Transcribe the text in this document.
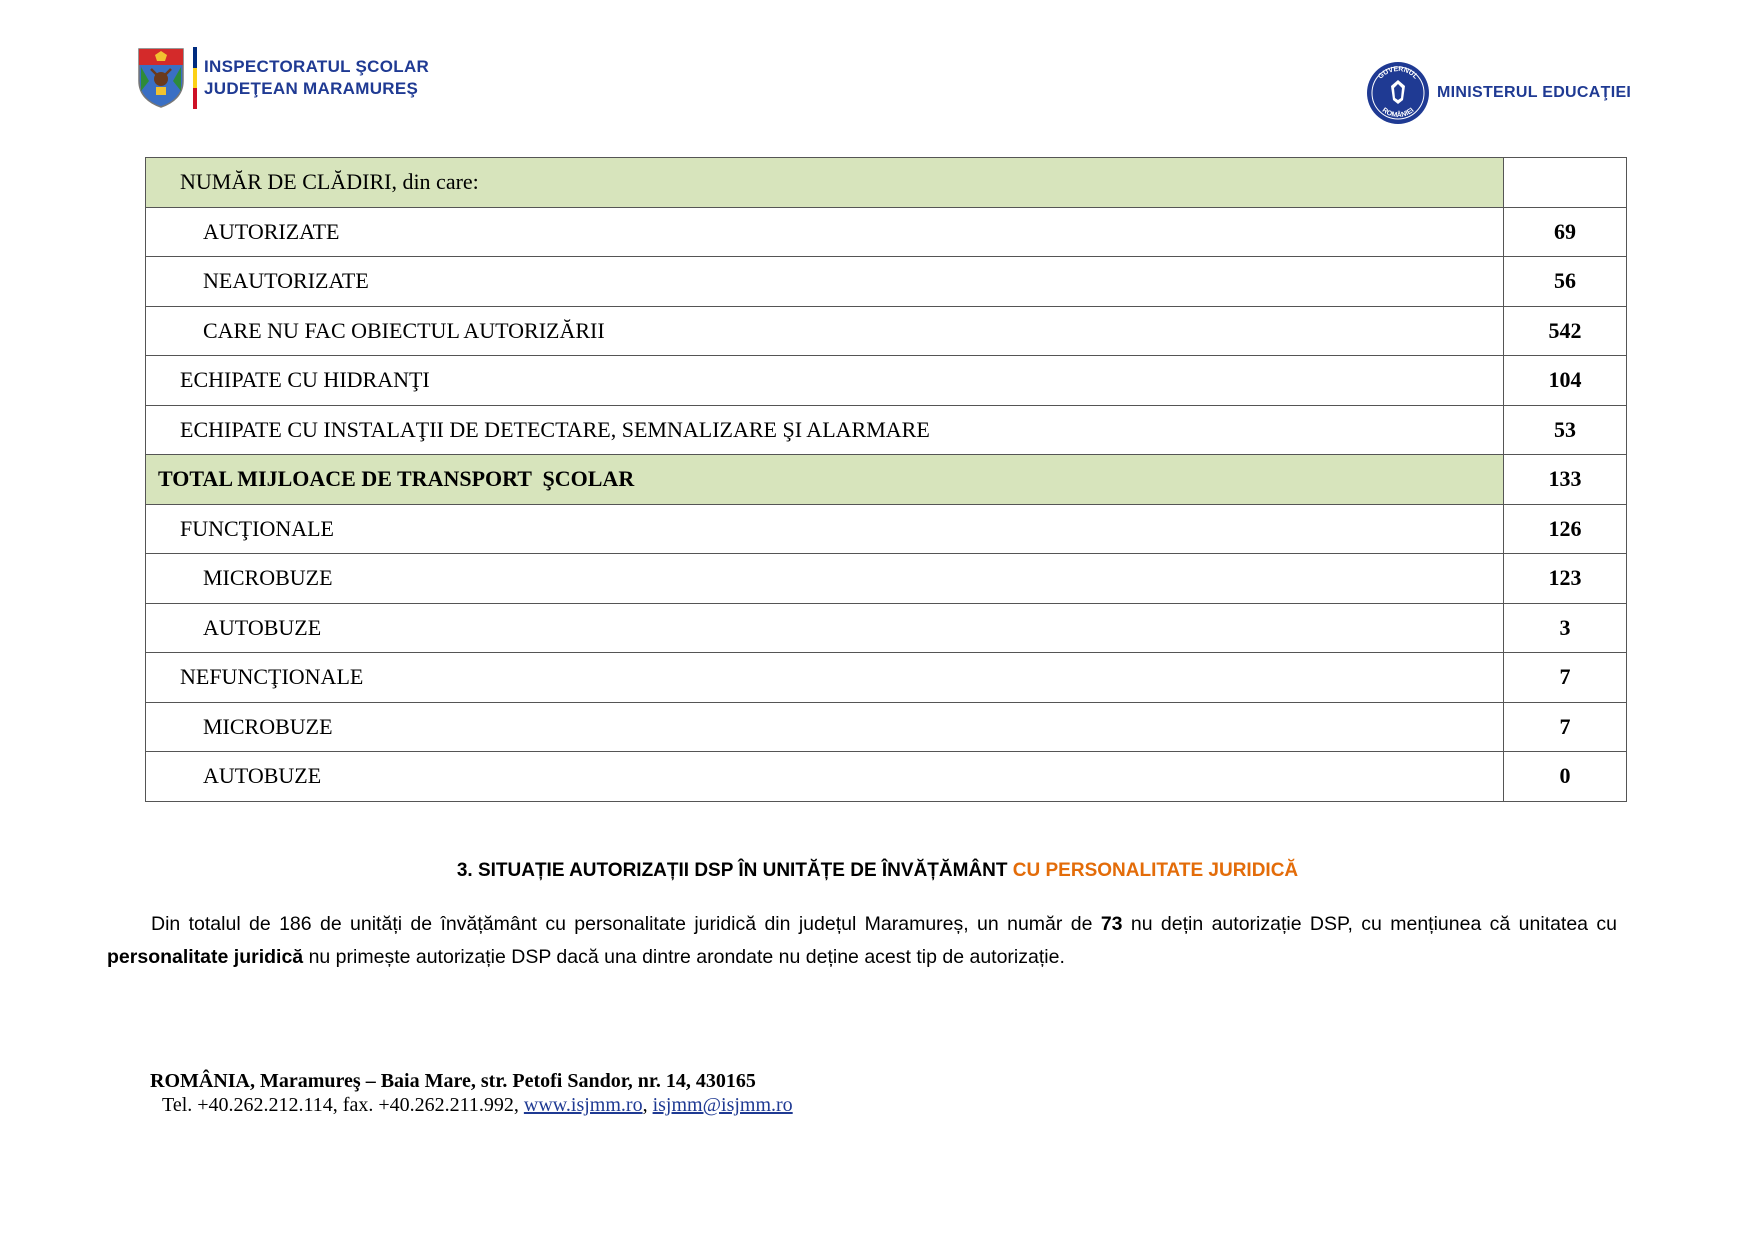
INSPECTORATUL ŞCOLAR
JUDEŢEAN MARAMUREŞ
GUVERNUL
ROMÂNIEI
MINISTERUL EDUCAŢIEI
NUMĂR DE CLĂDIRI, din care:	
AUTORIZATE	69
NEAUTORIZATE	56
CARE NU FAC OBIECTUL AUTORIZĂRII	542
ECHIPATE CU HIDRANŢI	104
ECHIPATE CU INSTALAŢII DE DETECTARE, SEMNALIZARE ŞI ALARMARE	53
TOTAL MIJLOACE DE TRANSPORT  ŞCOLAR	133
FUNCŢIONALE	126
MICROBUZE	123
AUTOBUZE	3
NEFUNCŢIONALE	7
MICROBUZE	7
AUTOBUZE	0
3. SITUAȚIE AUTORIZAȚII DSP ÎN UNITĂȚE DE ÎNVĂȚĂMÂNT CU PERSONALITATE JURIDICĂ
Din totalul de 186 de unități de învățământ cu personalitate juridică din județul Maramureș, un număr de 73 nu dețin autorizație DSP, cu mențiunea că unitatea cu personalitate juridică nu primește autorizație DSP dacă una dintre arondate nu deține acest tip de autorizație.
ROMÂNIA, Maramureş – Baia Mare, str. Petofi Sandor, nr. 14, 430165
Tel. +40.262.212.114, fax. +40.262.211.992, www.isjmm.ro, isjmm@isjmm.ro
